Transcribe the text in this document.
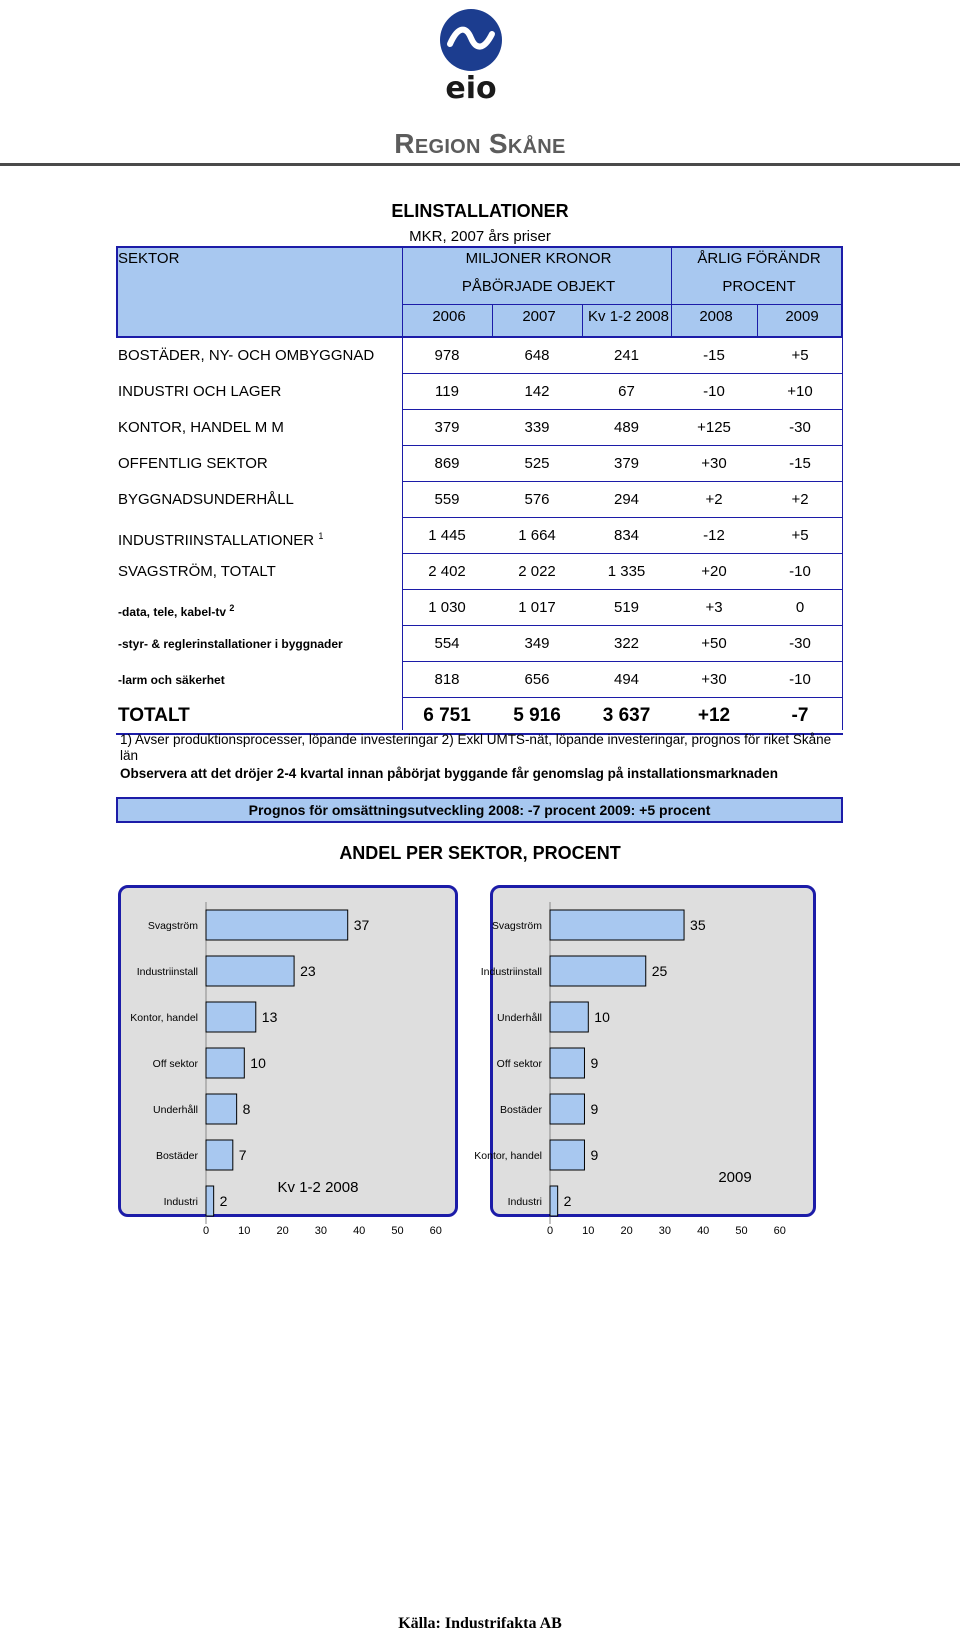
eio
Region Skåne
ELINSTALLATIONER
MKR, 2007 års priser
SEKTOR	MILJONER KRONOR
PÅBÖRJADE OBJEKT
ÅRLIG FÖRÄNDR
PROCENT
2006	2007	Kv 1-2 2008	2008	2009
BOSTÄDER, NY- OCH OMBYGGNAD	978	648	241	-15	+5
INDUSTRI OCH LAGER	119	142	67	-10	+10
KONTOR, HANDEL M M	379	339	489	+125	-30
OFFENTLIG SEKTOR	869	525	379	+30	-15
BYGGNADSUNDERHÅLL	559	576	294	+2	+2
INDUSTRIINSTALLATIONER $^1$	1 445	1 664	834	-12	+5
SVAGSTRÖM, TOTALT	2 402	2 022	1 335	+20	-10
-data, tele, kabel-tv $^2$	1 030	1 017	519	+3	0
-styr- & reglerinstallationer i byggnader	554	349	322	+50	-30
-larm och säkerhet	818	656	494	+30	-10
TOTALT	6 751	5 916	3 637	+12	-7
1) Avser produktionsprocesser, löpande investeringar 2) Exkl UMTS-nät, löpande investeringar, prognos för riket Skåne län
Observera att det dröjer 2-4 kvartal innan påbörjat byggande får genomslag på installationsmarknaden
Prognos för omsättningsutveckling 2008: -7 procent 2009: +5 procent
ANDEL PER SEKTOR, PROCENT
Svagström	37
Industriinstall	23
Kontor, handel	13
Off sektor	10
Underhåll	8
Bostäder	7
Industri 2
0	10 20 30 40 50 60
Kv 1-2 2008
Svagström	35
Industriinstall	25
Underhåll	10
Off sektor	9
Bostäder	9
Kontor, handel	9
Industri 2
0	10 20 30 40 50 60
2009
Källa: Industrifakta AB
